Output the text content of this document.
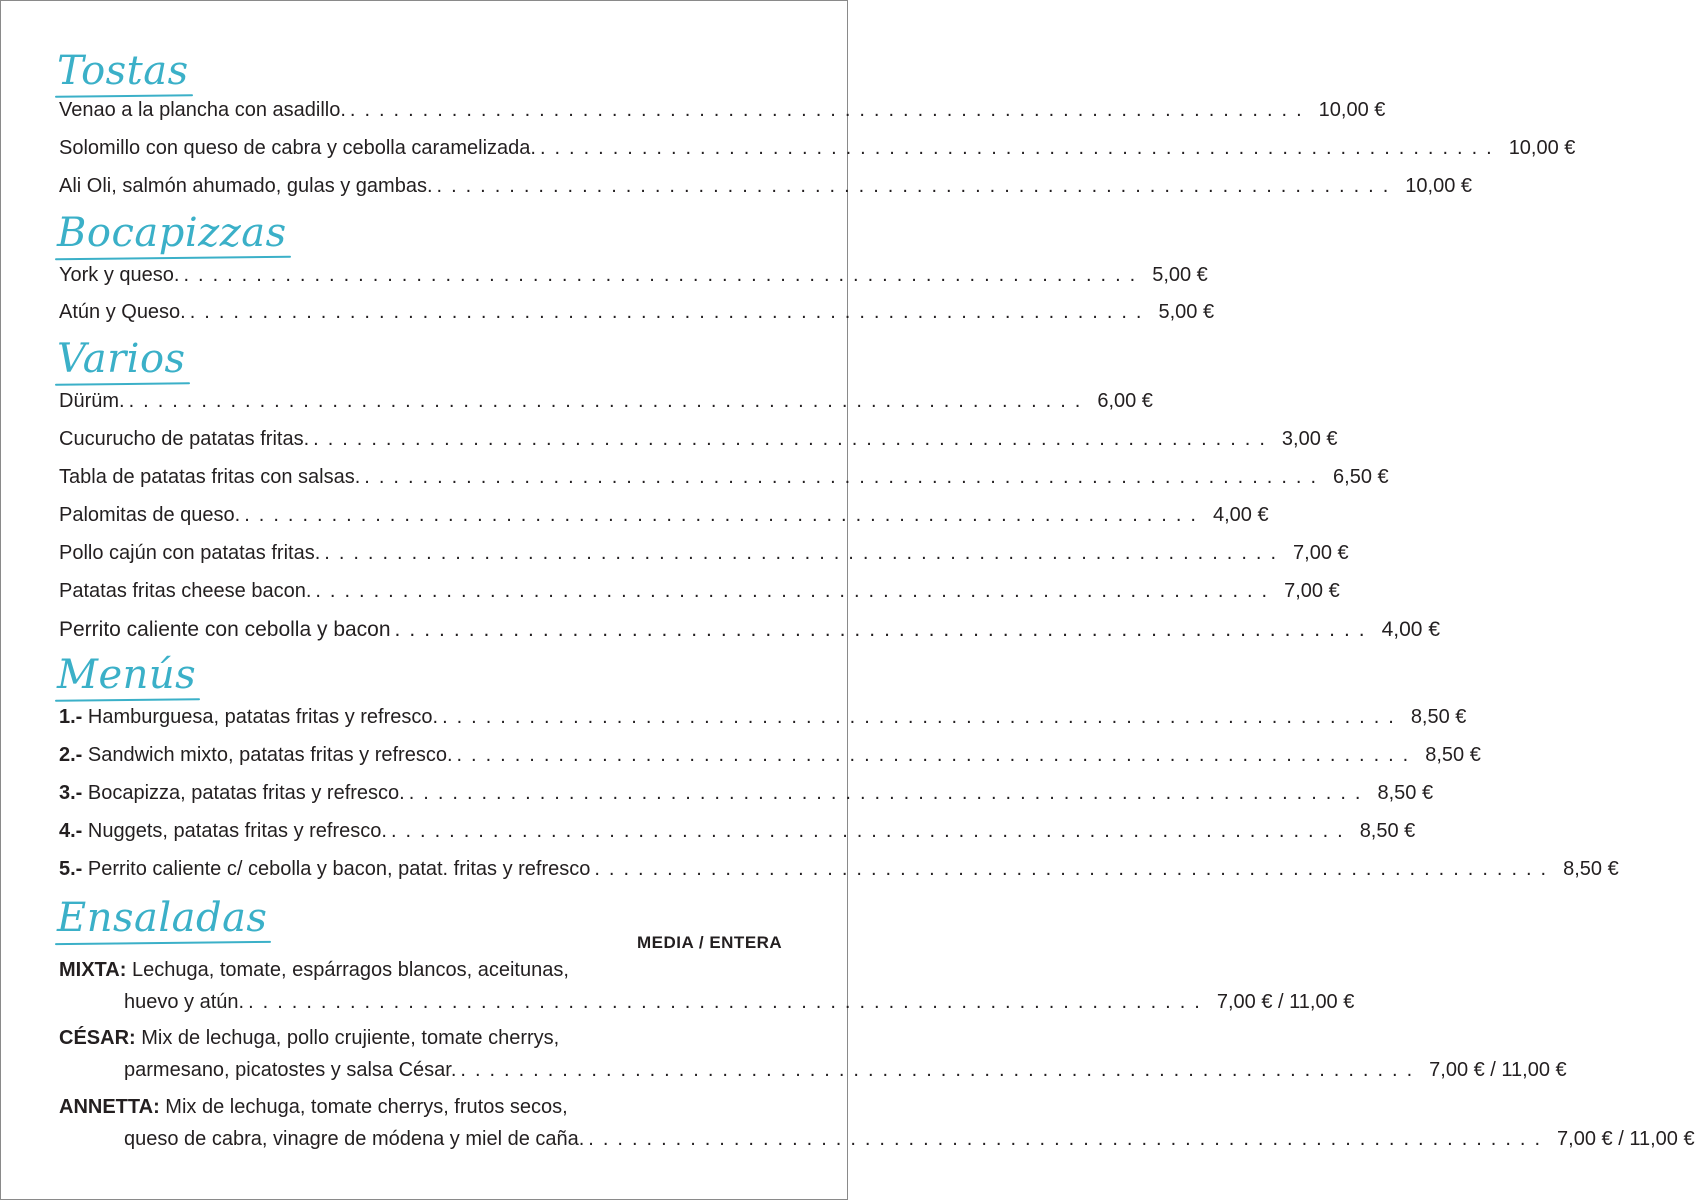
Tostas
Venao a la plancha con asadillo. .................................................................. 10,00 €
Solomillo con queso de cabra y cebolla caramelizada. .................................................................. 10,00 €
Ali Oli, salmón ahumado, gulas y gambas. .................................................................. 10,00 €
Bocapizzas
York y queso. .................................................................. 5,00 €
Atún y Queso. .................................................................. 5,00 €
Varios
Dürüm. .................................................................. 6,00 €
Cucurucho de patatas fritas. .................................................................. 3,00 €
Tabla de patatas fritas con salsas. .................................................................. 6,50 €
Palomitas de queso. .................................................................. 4,00 €
Pollo cajún con patatas fritas. .................................................................. 7,00 €
Patatas fritas cheese bacon. .................................................................. 7,00 €
Perrito caliente con cebolla y bacon .................................................................. 4,00 €
Menús
1.- Hamburguesa, patatas fritas y refresco. .................................................................. 8,50 €
2.- Sandwich mixto, patatas fritas y refresco. .................................................................. 8,50 €
3.- Bocapizza, patatas fritas y refresco. .................................................................. 8,50 €
4.- Nuggets, patatas fritas y refresco. .................................................................. 8,50 €
5.- Perrito caliente c/ cebolla y bacon, patat. fritas y refresco .................................................................. 8,50 €
Ensaladas
MEDIA / ENTERA
MIXTA: Lechuga, tomate, espárragos blancos, aceitunas,
huevo y atún. .................................................................. 7,00 € / 11,00 €
CÉSAR: Mix de lechuga, pollo crujiente, tomate cherrys,
parmesano, picatostes y salsa César. .................................................................. 7,00 € / 11,00 €
ANNETTA: Mix de lechuga, tomate cherrys, frutos secos,
queso de cabra, vinagre de módena y miel de caña. .................................................................. 7,00 € / 11,00 €
